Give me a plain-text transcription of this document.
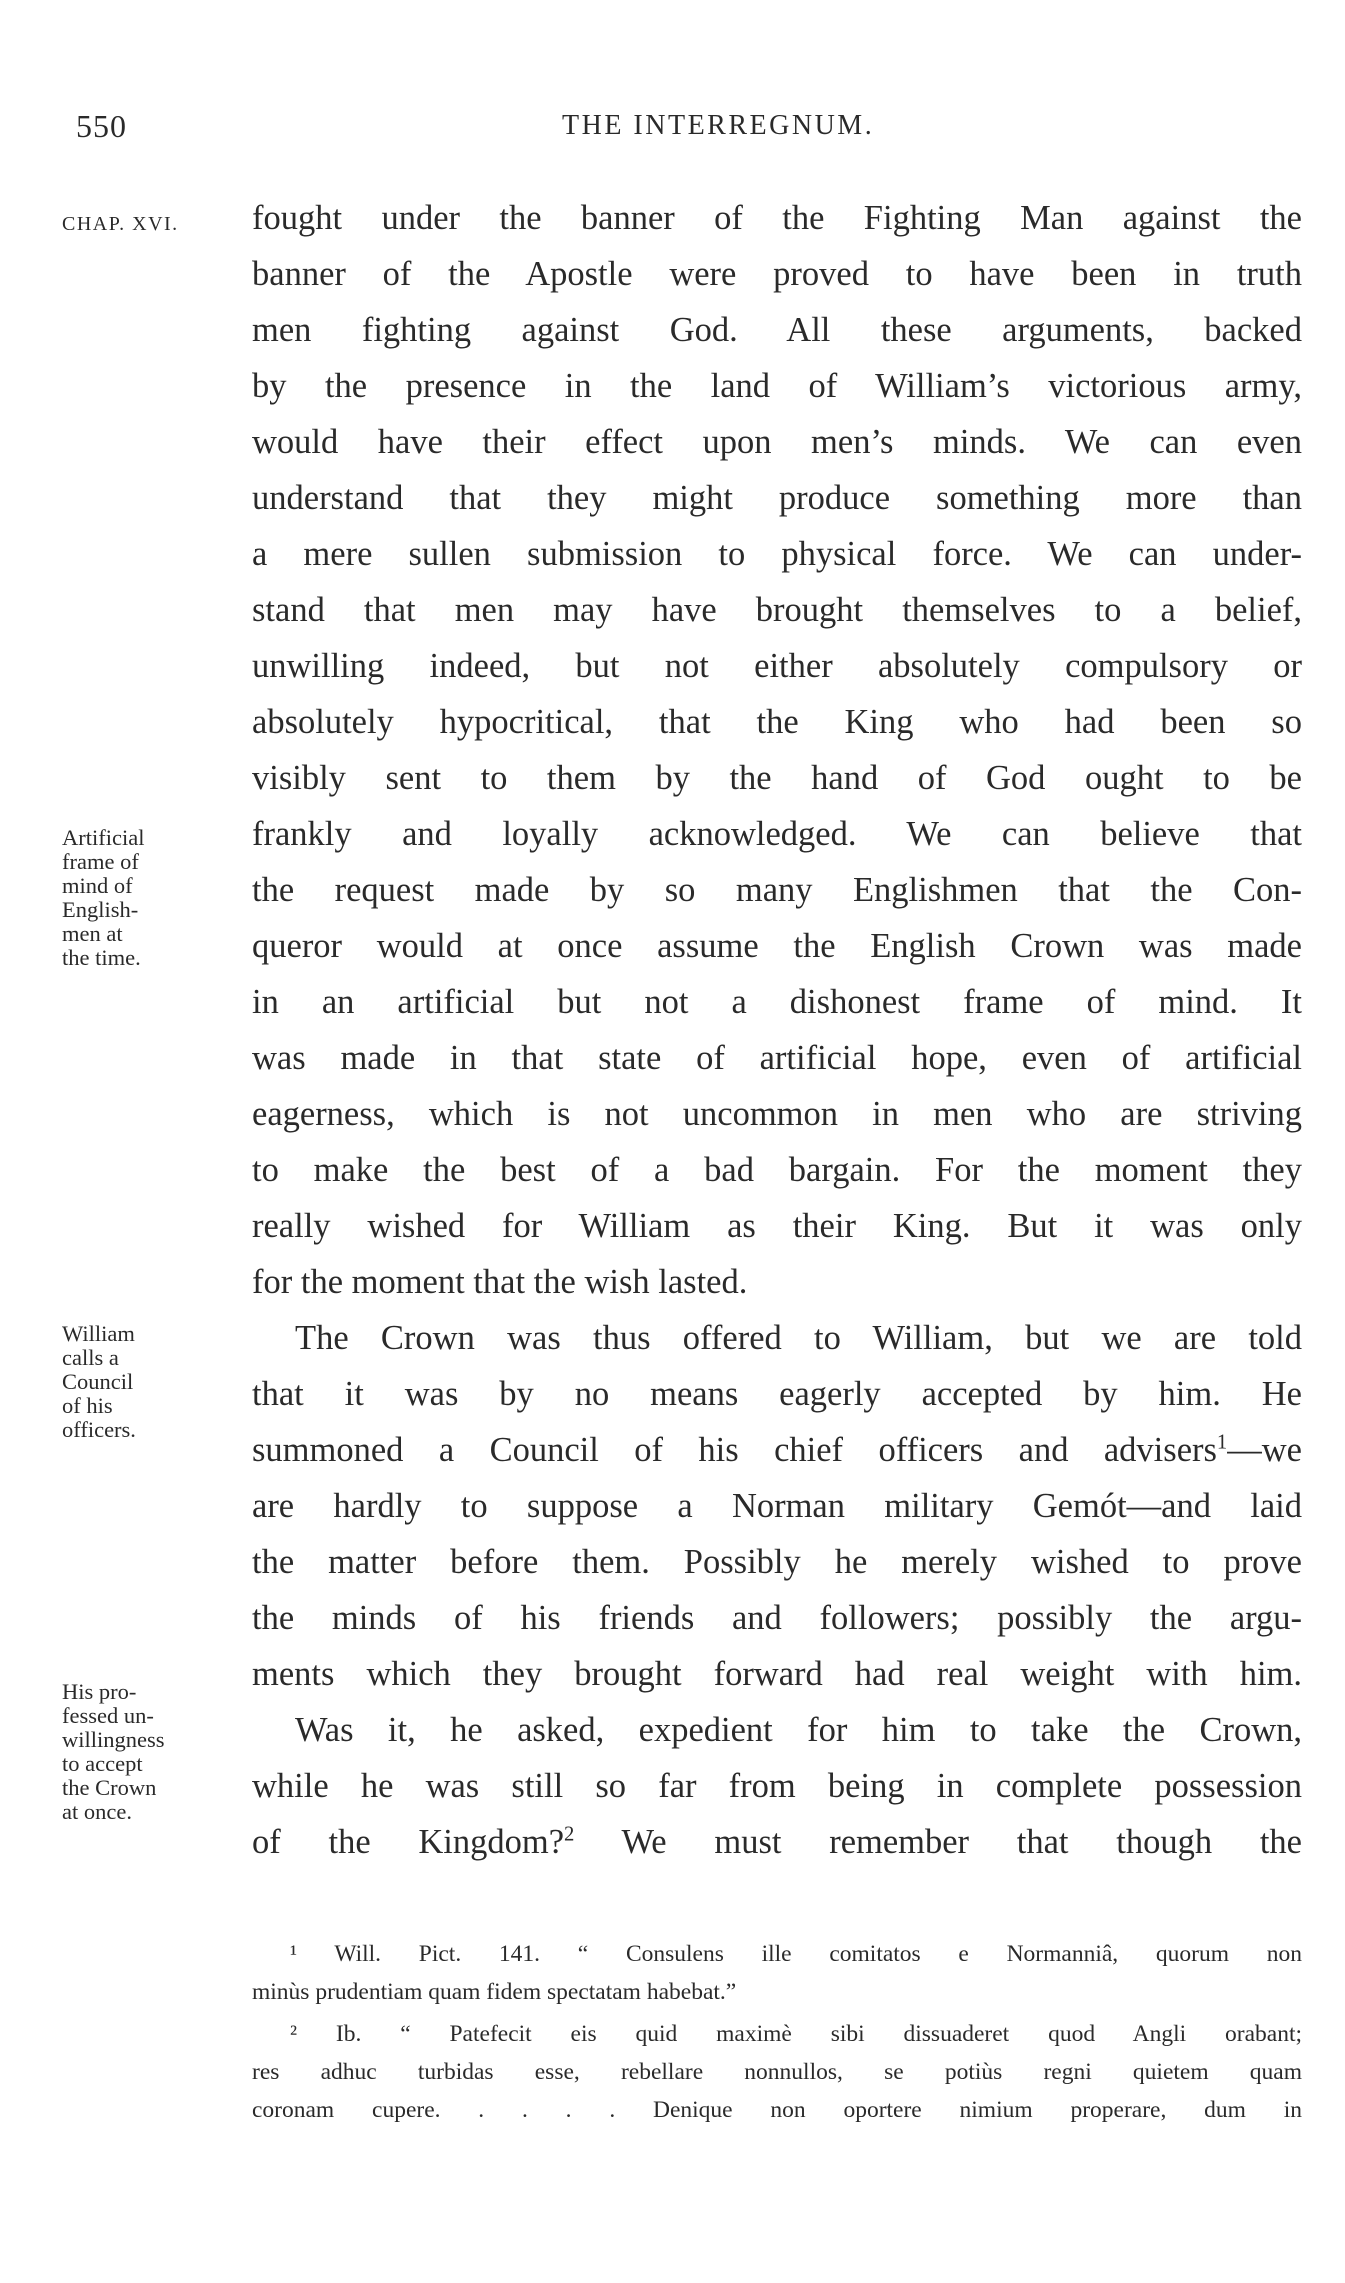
550	THE INTERREGNUM.
CHAP. XVI.
Artificial
frame of
mind of
English-
men at
the time.
William
calls a
Council
of his
officers.
His pro-
fessed un-
willingness
to accept
the Crown
at once.
fought under the banner of the Fighting Man against the
banner of the Apostle were proved to have been in truth
men fighting against God. All these arguments, backed
by the presence in the land of William’s victorious army,
would have their effect upon men’s minds. We can even
understand that they might produce something more than
a mere sullen submission to physical force. We can under-
stand that men may have brought themselves to a belief,
unwilling indeed, but not either absolutely compulsory or
absolutely hypocritical, that the King who had been so
visibly sent to them by the hand of God ought to be
frankly and loyally acknowledged. We can believe that
the request made by so many Englishmen that the Con-
queror would at once assume the English Crown was made
in an artificial but not a dishonest frame of mind. It
was made in that state of artificial hope, even of artificial
eagerness, which is not uncommon in men who are striving
to make the best of a bad bargain. For the moment they
really wished for William as their King. But it was only
for the moment that the wish lasted.
The Crown was thus offered to William, but we are told
that it was by no means eagerly accepted by him. He
summoned a Council of his chief officers and advisers$^1$—we
are hardly to suppose a Norman military Gemót—and laid
the matter before them. Possibly he merely wished to prove
the minds of his friends and followers; possibly the argu-
ments which they brought forward had real weight with him.
Was it, he asked, expedient for him to take the Crown,
while he was still so far from being in complete possession
of the Kingdom?$^2$ We must remember that though the
¹ Will. Pict. 141. “ Consulens ille comitatos e Normanniâ, quorum non
minùs prudentiam quam fidem spectatam habebat.”
² Ib. “ Patefecit eis quid maximè sibi dissuaderet quod Angli orabant;
res adhuc turbidas esse, rebellare nonnullos, se potiùs regni quietem quam
coronam cupere. . . . . Denique non oportere nimium properare, dum in
